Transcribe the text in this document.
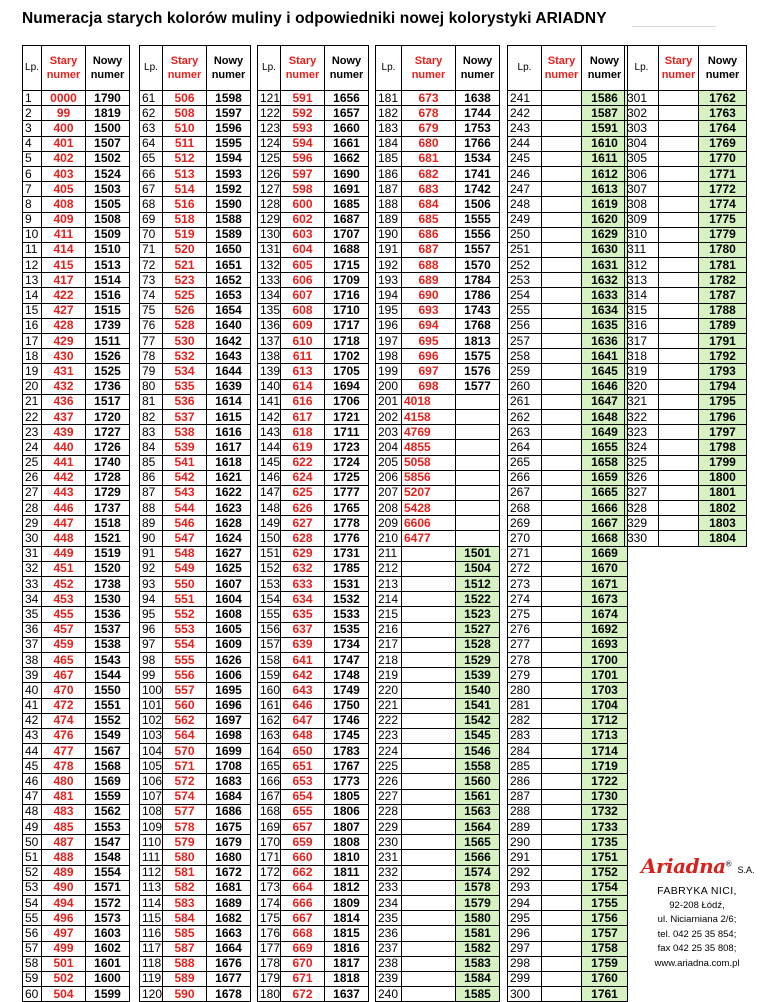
Numeracja starych kolorów muliny i odpowiedniki nowej kolorystyki ARIADNY
Lp.	Stary numer	Nowy numer
1	0000	1790
2	99	1819
3	400	1500
4	401	1507
5	402	1502
6	403	1524
7	405	1503
8	408	1505
9	409	1508
10	411	1509
11	414	1510
12	415	1513
13	417	1514
14	422	1516
15	427	1515
16	428	1739
17	429	1511
18	430	1526
19	431	1525
20	432	1736
21	436	1517
22	437	1720
23	439	1727
24	440	1726
25	441	1740
26	442	1728
27	443	1729
28	446	1737
29	447	1518
30	448	1521
31	449	1519
32	451	1520
33	452	1738
34	453	1530
35	455	1536
36	457	1537
37	459	1538
38	465	1543
39	467	1544
40	470	1550
41	472	1551
42	474	1552
43	476	1549
44	477	1567
45	478	1568
46	480	1569
47	481	1559
48	483	1562
49	485	1553
50	487	1547
51	488	1548
52	489	1554
53	490	1571
54	494	1572
55	496	1573
56	497	1603
57	499	1602
58	501	1601
59	502	1600
60	504	1599
Lp.	Stary numer	Nowy numer
61	506	1598
62	508	1597
63	510	1596
64	511	1595
65	512	1594
66	513	1593
67	514	1592
68	516	1590
69	518	1588
70	519	1589
71	520	1650
72	521	1651
73	523	1652
74	525	1653
75	526	1654
76	528	1640
77	530	1642
78	532	1643
79	534	1644
80	535	1639
81	536	1614
82	537	1615
83	538	1616
84	539	1617
85	541	1618
86	542	1621
87	543	1622
88	544	1623
89	546	1628
90	547	1624
91	548	1627
92	549	1625
93	550	1607
94	551	1604
95	552	1608
96	553	1605
97	554	1609
98	555	1626
99	556	1606
100	557	1695
101	560	1696
102	562	1697
103	564	1698
104	570	1699
105	571	1708
106	572	1683
107	574	1684
108	577	1686
109	578	1675
110	579	1679
111	580	1680
112	581	1672
113	582	1681
114	583	1689
115	584	1682
116	585	1663
117	587	1664
118	588	1676
119	589	1677
120	590	1678
Lp.	Stary numer	Nowy numer
121	591	1656
122	592	1657
123	593	1660
124	594	1661
125	596	1662
126	597	1690
127	598	1691
128	600	1685
129	602	1687
130	603	1707
131	604	1688
132	605	1715
133	606	1709
134	607	1716
135	608	1710
136	609	1717
137	610	1718
138	611	1702
139	613	1705
140	614	1694
141	616	1706
142	617	1721
143	618	1711
144	619	1723
145	622	1724
146	624	1725
147	625	1777
148	626	1765
149	627	1778
150	628	1776
151	629	1731
152	632	1785
153	633	1531
154	634	1532
155	635	1533
156	637	1535
157	639	1734
158	641	1747
159	642	1748
160	643	1749
161	646	1750
162	647	1746
163	648	1745
164	650	1783
165	651	1767
166	653	1773
167	654	1805
168	655	1806
169	657	1807
170	659	1808
171	660	1810
172	662	1811
173	664	1812
174	666	1809
175	667	1814
176	668	1815
177	669	1816
178	670	1817
179	671	1818
180	672	1637
Lp.	Stary numer	Nowy numer
181	673	1638
182	678	1744
183	679	1753
184	680	1766
185	681	1534
186	682	1741
187	683	1742
188	684	1506
189	685	1555
190	686	1556
191	687	1557
192	688	1570
193	689	1784
194	690	1786
195	693	1743
196	694	1768
197	695	1813
198	696	1575
199	697	1576
200	698	1577
201	4018	
202	4158	
203	4769	
204	4855	
205	5058	
206	5856	
207	5207	
208	5428	
209	6606	
210	6477	
211		1501
212		1504
213		1512
214		1522
215		1523
216		1527
217		1528
218		1529
219		1539
220		1540
221		1541
222		1542
223		1545
224		1546
225		1558
226		1560
227		1561
228		1563
229		1564
230		1565
231		1566
232		1574
233		1578
234		1579
235		1580
236		1581
237		1582
238		1583
239		1584
240		1585
Lp.	Stary numer	Nowy numer
241		1586
242		1587
243		1591
244		1610
245		1611
246		1612
247		1613
248		1619
249		1620
250		1629
251		1630
252		1631
253		1632
254		1633
255		1634
256		1635
257		1636
258		1641
259		1645
260		1646
261		1647
262		1648
263		1649
264		1655
265		1658
266		1659
267		1665
268		1666
269		1667
270		1668
271		1669
272		1670
273		1671
274		1673
275		1674
276		1692
277		1693
278		1700
279		1701
280		1703
281		1704
282		1712
283		1713
284		1714
285		1719
286		1722
287		1730
288		1732
289		1733
290		1735
291		1751
292		1752
293		1754
294		1755
295		1756
296		1757
297		1758
298		1759
299		1760
300		1761
Lp.	Stary numer	Nowy numer
301		1762
302		1763
303		1764
304		1769
305		1770
306		1771
307		1772
308		1774
309		1775
310		1779
311		1780
312		1781
313		1782
314		1787
315		1788
316		1789
317		1791
318		1792
319		1793
320		1794
321		1795
322		1796
323		1797
324		1798
325		1799
326		1800
327		1801
328		1802
329		1803
330		1804
Ariadna®S.A.
FABRYKA NICI,
92-208 Łódź,
ul. Niciarniana 2/6;
tel. 042 25 35 854;
fax 042 25 35 808;
www.ariadna.com.pl
